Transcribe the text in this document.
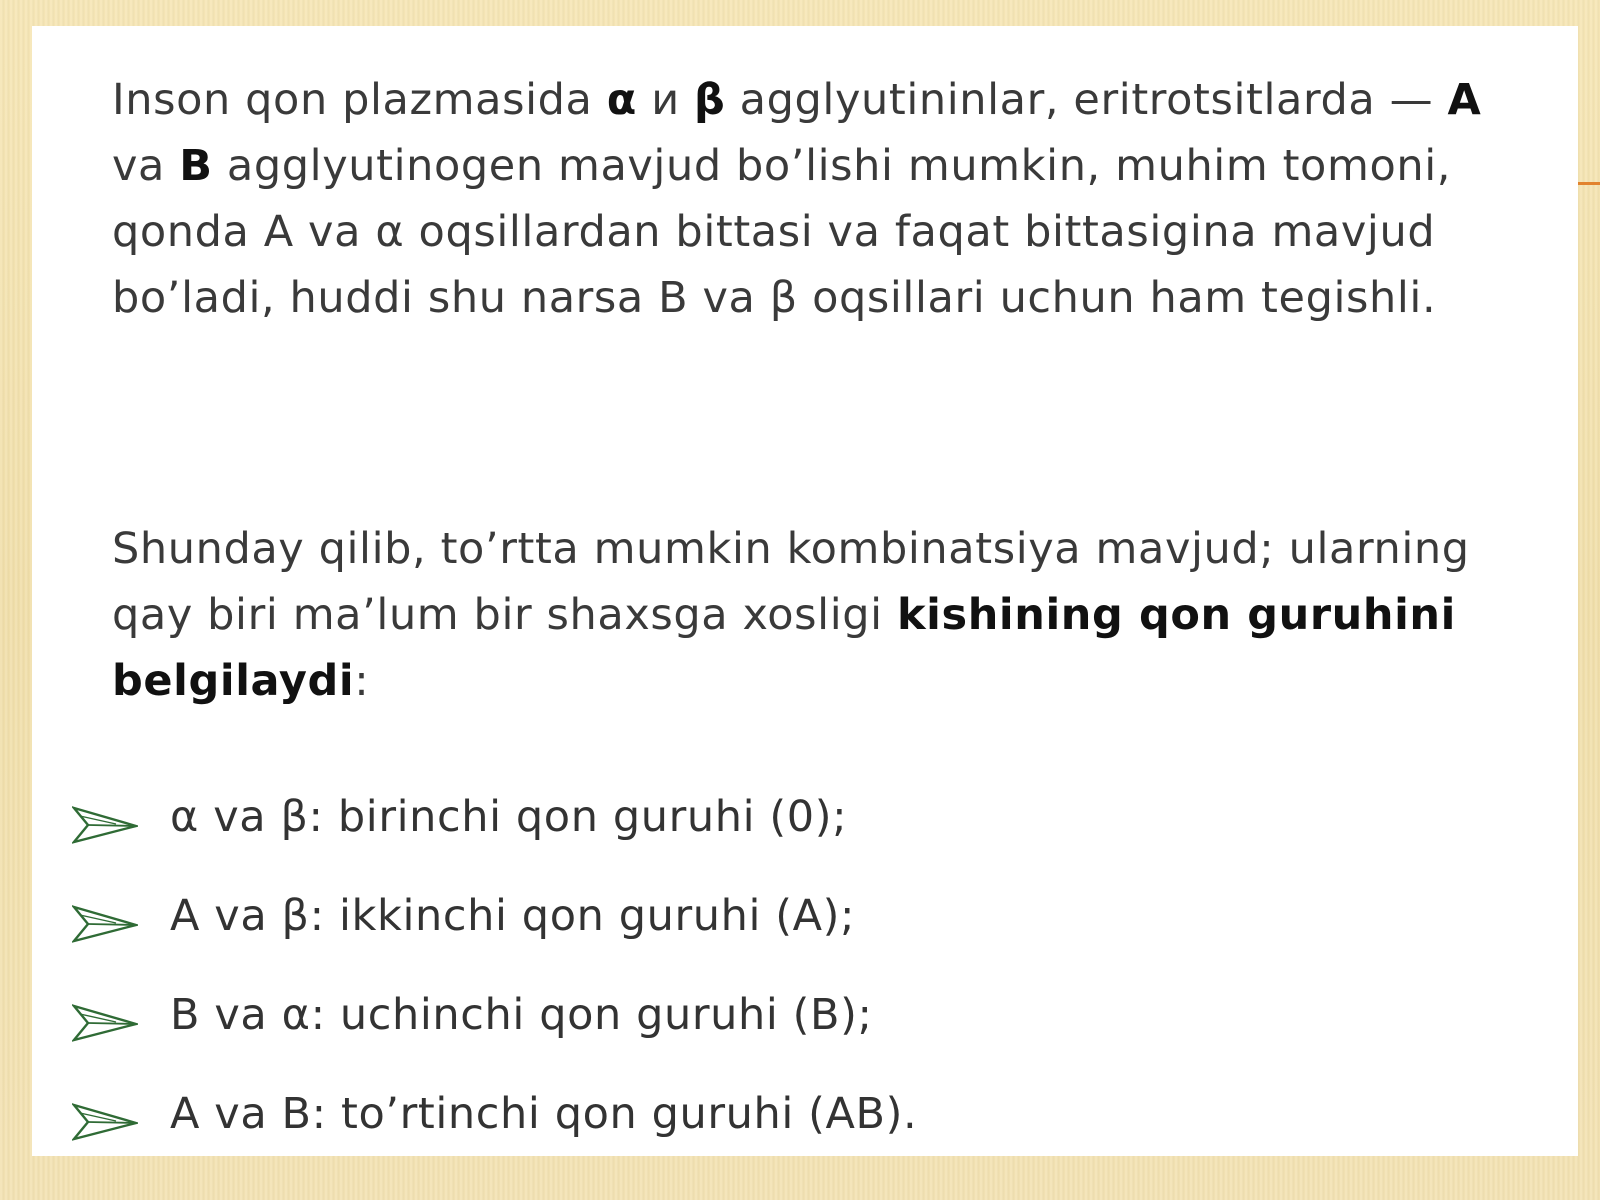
Inson qon plazmasida α и β agglyutininlar, eritrotsitlarda — A va B agglyutinogen mavjud bo’lishi mumkin, muhim tomoni, qonda A va α oqsillardan bittasi va faqat bittasigina mavjud bo’ladi, huddi shu narsa B va β oqsillari uchun ham tegishli.

Shunday qilib, to’rtta mumkin kombinatsiya mavjud; ularning qay biri ma’lum bir shaxsga xosligi kishining qon guruhini belgilaydi:

α va β: birinchi qon guruhi (0);
A va β: ikkinchi qon guruhi (A);
B va α: uchinchi qon guruhi (B);
A va B: to’rtinchi qon guruhi (AB).
